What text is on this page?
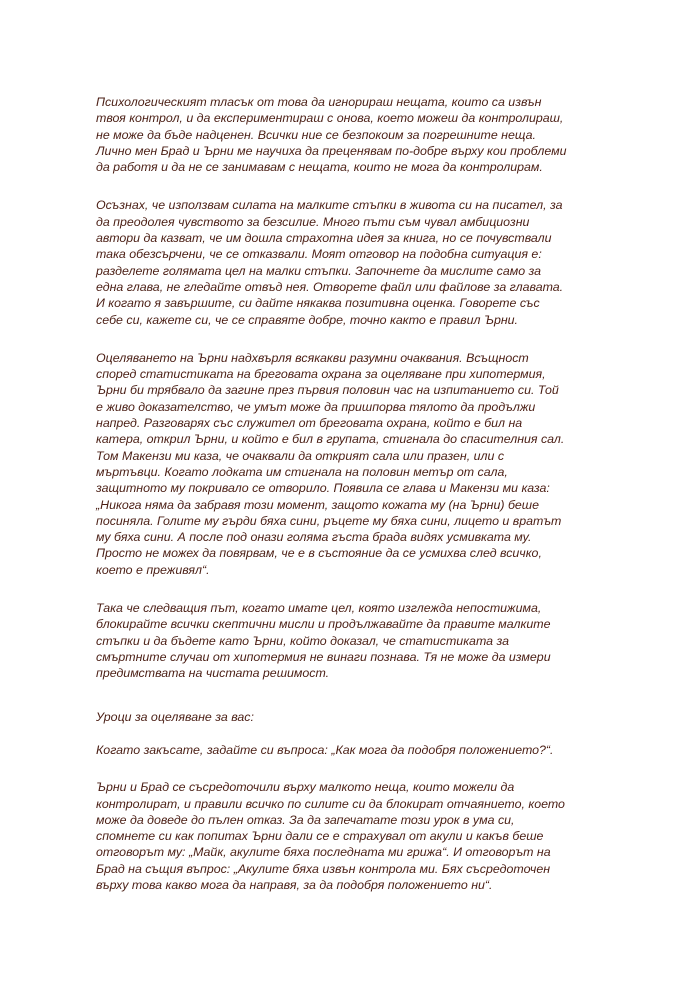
Психологическият тласък от това да игнорираш нещата, които са извън
твоя контрол, и да експериментираш с онова, което можеш да контролираш,
не може да бъде надценен. Всички ние се безпокоим за погрешните неща.
Лично мен Брад и Ърни ме научиха да преценявам по-добре върху кои проблеми
да работя и да не се занимавам с нещата, които не мога да контролирам.

Осъзнах, че използвам силата на малките стъпки в живота си на писател, за
да преодолея чувството за безсилие. Много пъти съм чувал амбициозни
автори да казват, че им дошла страхотна идея за книга, но се почувствали
така обезсърчени, че се отказвали. Моят отговор на подобна ситуация е:
разделете голямата цел на малки стъпки. Започнете да мислите само за
една глава, не гледайте отвъд нея. Отворете файл или файлове за главата.
И когато я завършите, си дайте някаква позитивна оценка. Говорете със
себе си, кажете си, че се справяте добре, точно както е правил Ърни.

Оцеляването на Ърни надхвърля всякакви разумни очаквания. Всъщност
според статистиката на бреговата охрана за оцеляване при хипотермия,
Ърни би трябвало да загине през първия половин час на изпитанието си. Той
е живо доказателство, че умът може да пришпорва тялото да продължи
напред. Разговарях със служител от бреговата охрана, който е бил на
катера, открил Ърни, и който е бил в групата, стигнала до спасителния сал.
Том Макензи ми каза, че очаквали да открият сала или празен, или с
мъртъвци. Когато лодката им стигнала на половин метър от сала,
защитното му покривало се отворило. Появила се глава и Макензи ми каза:
„Никога няма да забравя този момент, защото кожата му (на Ърни) беше
посиняла. Голите му гърди бяха сини, ръцете му бяха сини, лицето и вратът
му бяха сини. А после под онази голяма гъста брада видях усмивката му.
Просто не можех да повярвам, че е в състояние да се усмихва след всичко,
което е преживял“.

Така че следващия път, когато имате цел, която изглежда непостижима,
блокирайте всички скептични мисли и продължавайте да правите малките
стъпки и да бъдете като Ърни, който доказал, че статистиката за
смъртните случаи от хипотермия не винаги познава. Тя не може да измери
предимствата на чистата решимост.

Уроци за оцеляване за вас:

Когато закъсате, задайте си въпроса: „Как мога да подобря положението?“.

Ърни и Брад се съсредоточили върху малкото неща, които можели да
контролират, и правили всичко по силите си да блокират отчаянието, което
може да доведе до пълен отказ. За да запечатате този урок в ума си,
спомнете си как попитах Ърни дали се е страхувал от акули и какъв беше
отговорът му: „Майк, акулите бяха последната ми грижа“. И отговорът на
Брад на същия въпрос: „Акулите бяха извън контрола ми. Бях съсредоточен
върху това какво мога да направя, за да подобря положението ни“.
